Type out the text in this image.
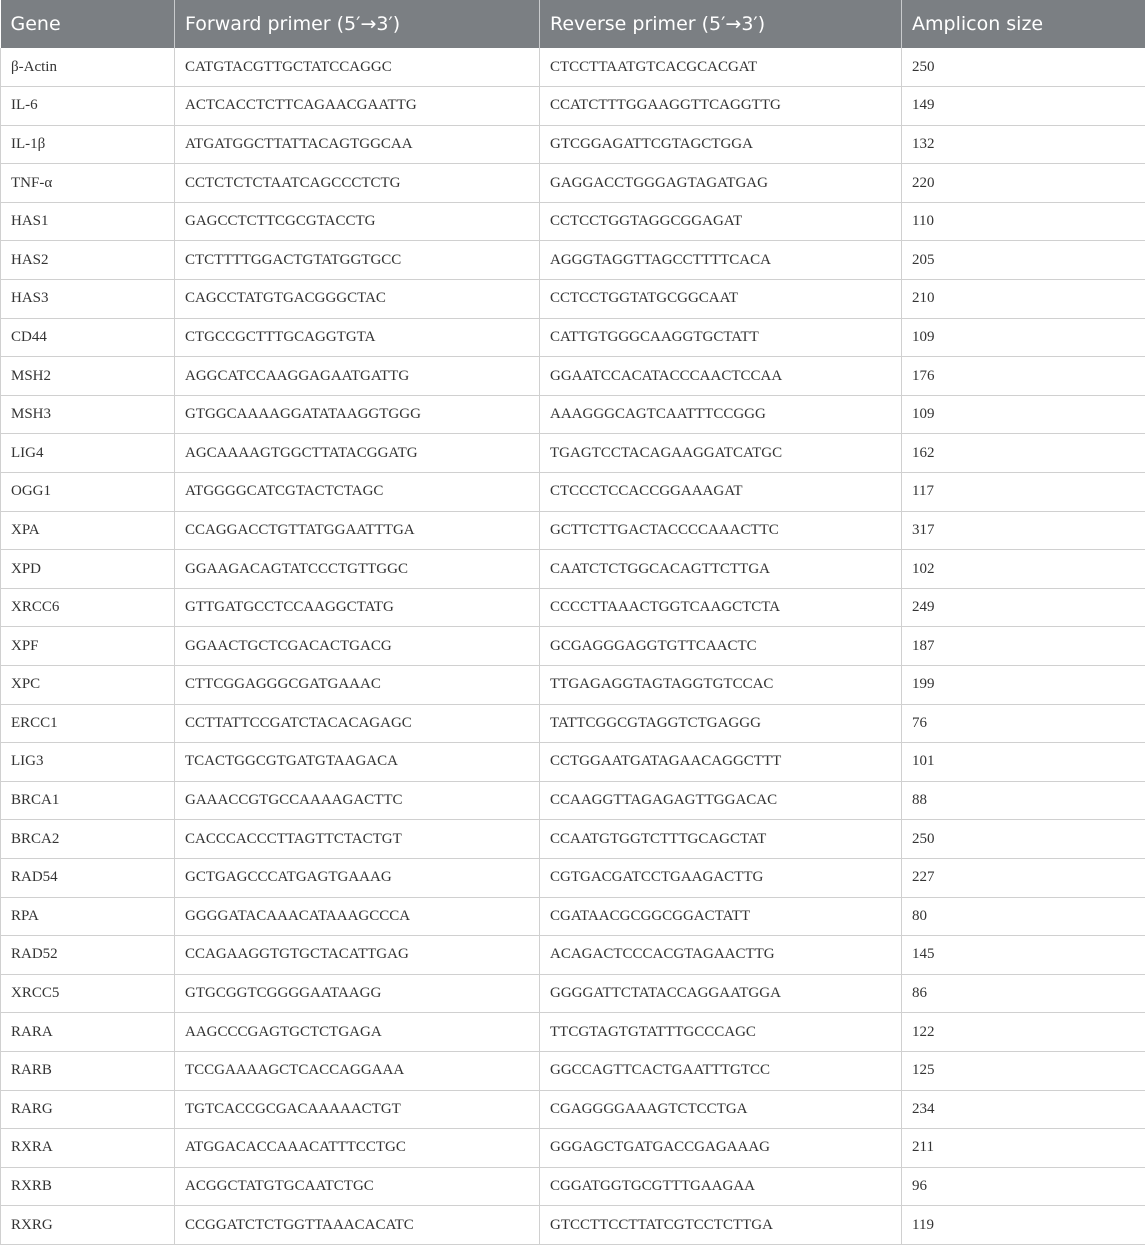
Gene	Forward primer (5′→3′)	Reverse primer (5′→3′)	Amplicon size
β-Actin	CATGTACGTTGCTATCCAGGC	CTCCTTAATGTCACGCACGAT	250
IL-6	ACTCACCTCTTCAGAACGAATTG	CCATCTTTGGAAGGTTCAGGTTG	149
IL-1β	ATGATGGCTTATTACAGTGGCAA	GTCGGAGATTCGTAGCTGGA	132
TNF-α	CCTCTCTCTAATCAGCCCTCTG	GAGGACCTGGGAGTAGATGAG	220
HAS1	GAGCCTCTTCGCGTACCTG	CCTCCTGGTAGGCGGAGAT	110
HAS2	CTCTTTTGGACTGTATGGTGCC	AGGGTAGGTTAGCCTTTTCACA	205
HAS3	CAGCCTATGTGACGGGCTAC	CCTCCTGGTATGCGGCAAT	210
CD44	CTGCCGCTTTGCAGGTGTA	CATTGTGGGCAAGGTGCTATT	109
MSH2	AGGCATCCAAGGAGAATGATTG	GGAATCCACATACCCAACTCCAA	176
MSH3	GTGGCAAAAGGATATAAGGTGGG	AAAGGGCAGTCAATTTCCGGG	109
LIG4	AGCAAAAGTGGCTTATACGGATG	TGAGTCCTACAGAAGGATCATGC	162
OGG1	ATGGGGCATCGTACTCTAGC	CTCCCTCCACCGGAAAGAT	117
XPA	CCAGGACCTGTTATGGAATTTGA	GCTTCTTGACTACCCCAAACTTC	317
XPD	GGAAGACAGTATCCCTGTTGGC	CAATCTCTGGCACAGTTCTTGA	102
XRCC6	GTTGATGCCTCCAAGGCTATG	CCCCTTAAACTGGTCAAGCTCTA	249
XPF	GGAACTGCTCGACACTGACG	GCGAGGGAGGTGTTCAACTC	187
XPC	CTTCGGAGGGCGATGAAAC	TTGAGAGGTAGTAGGTGTCCAC	199
ERCC1	CCTTATTCCGATCTACACAGAGC	TATTCGGCGTAGGTCTGAGGG	76
LIG3	TCACTGGCGTGATGTAAGACA	CCTGGAATGATAGAACAGGCTTT	101
BRCA1	GAAACCGTGCCAAAAGACTTC	CCAAGGTTAGAGAGTTGGACAC	88
BRCA2	CACCCACCCTTAGTTCTACTGT	CCAATGTGGTCTTTGCAGCTAT	250
RAD54	GCTGAGCCCATGAGTGAAAG	CGTGACGATCCTGAAGACTTG	227
RPA	GGGGATACAAACATAAAGCCCA	CGATAACGCGGCGGACTATT	80
RAD52	CCAGAAGGTGTGCTACATTGAG	ACAGACTCCCACGTAGAACTTG	145
XRCC5	GTGCGGTCGGGGAATAAGG	GGGGATTCTATACCAGGAATGGA	86
RARA	AAGCCCGAGTGCTCTGAGA	TTCGTAGTGTATTTGCCCAGC	122
RARB	TCCGAAAAGCTCACCAGGAAA	GGCCAGTTCACTGAATTTGTCC	125
RARG	TGTCACCGCGACAAAAACTGT	CGAGGGGAAAGTCTCCTGA	234
RXRA	ATGGACACCAAACATTTCCTGC	GGGAGCTGATGACCGAGAAAG	211
RXRB	ACGGCTATGTGCAATCTGC	CGGATGGTGCGTTTGAAGAA	96
RXRG	CCGGATCTCTGGTTAAACACATC	GTCCTTCCTTATCGTCCTCTTGA	119
